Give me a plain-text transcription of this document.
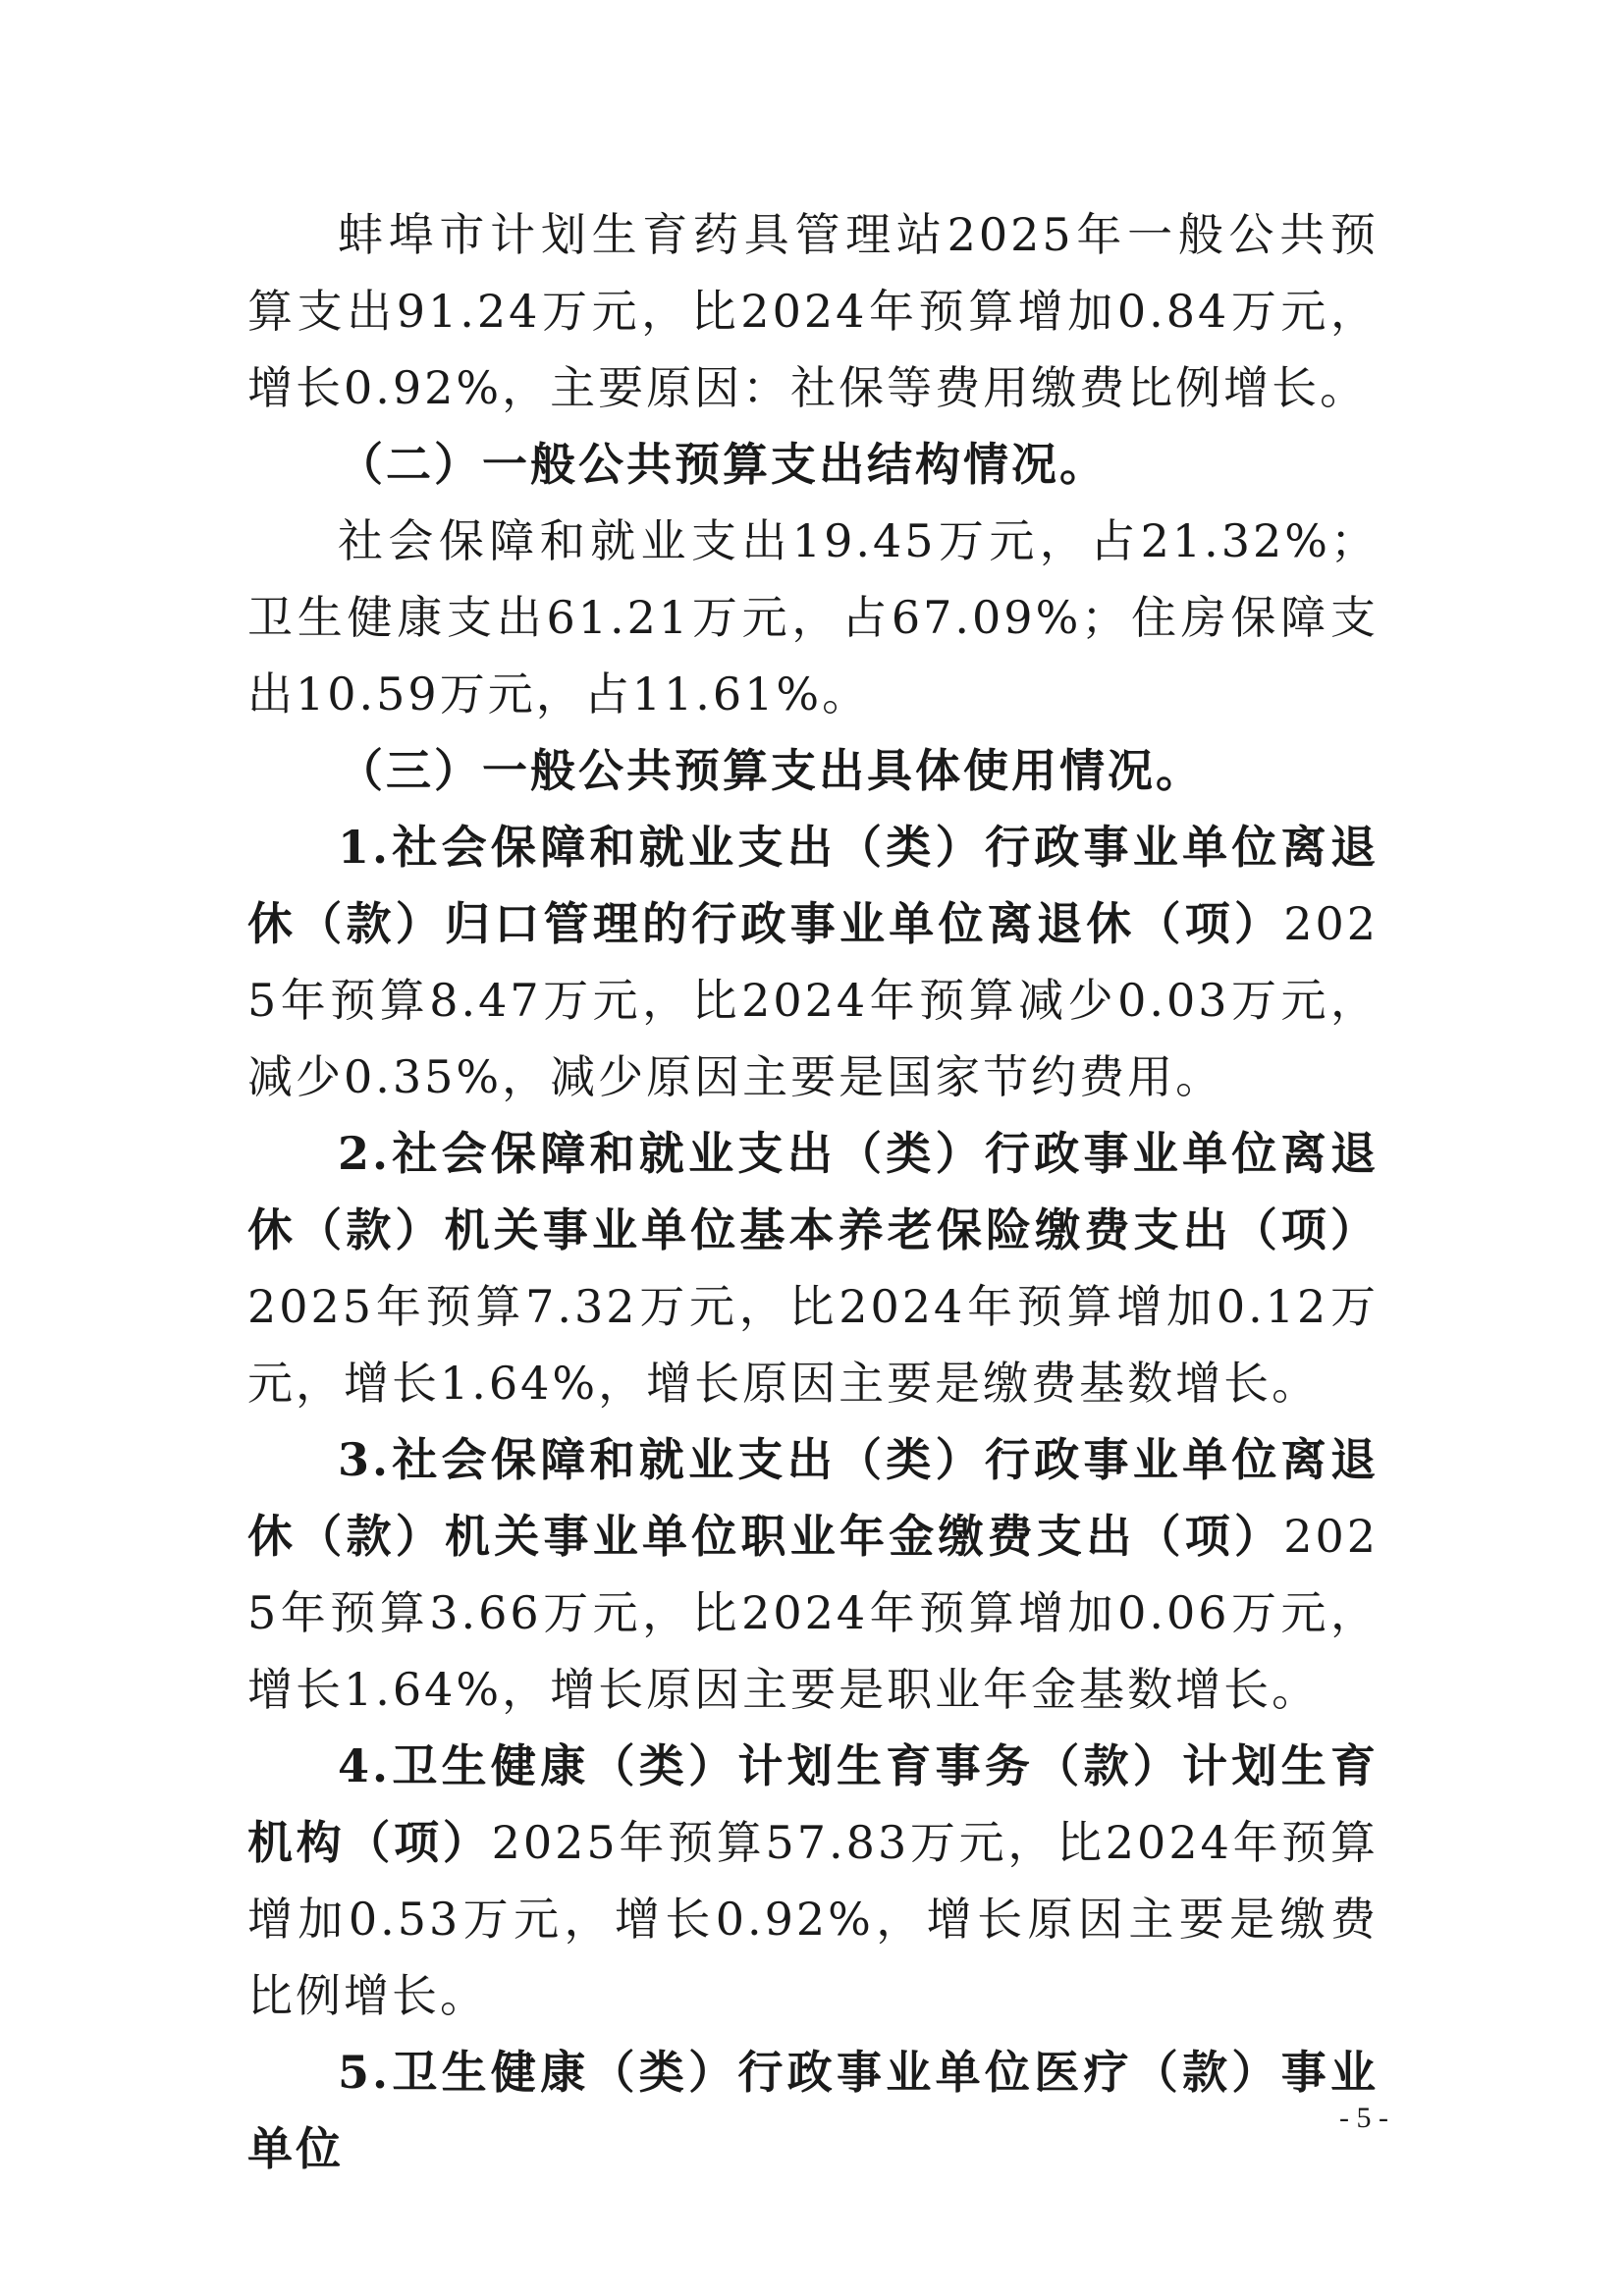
蚌埠市计划生育药具管理站2025年一般公共预算支出91.24万元，比2024年预算增加0.84万元，增长0.92%，主要原因：社保等费用缴费比例增长。

（二）一般公共预算支出结构情况。

社会保障和就业支出19.45万元，占21.32%；卫生健康支出61.21万元，占67.09%；住房保障支出10.59万元，占11.61%。

（三）一般公共预算支出具体使用情况。

1.社会保障和就业支出（类）行政事业单位离退休（款）归口管理的行政事业单位离退休（项）2025年预算8.47万元，比2024年预算减少0.03万元，减少0.35%，减少原因主要是国家节约费用。

2.社会保障和就业支出（类）行政事业单位离退休（款）机关事业单位基本养老保险缴费支出（项）2025年预算7.32万元，比2024年预算增加0.12万元，增长1.64%，增长原因主要是缴费基数增长。

3.社会保障和就业支出（类）行政事业单位离退休（款）机关事业单位职业年金缴费支出（项）2025年预算3.66万元，比2024年预算增加0.06万元，增长1.64%，增长原因主要是职业年金基数增长。

4.卫生健康（类）计划生育事务（款）计划生育机构（项）2025年预算57.83万元，比2024年预算增加0.53万元，增长0.92%，增长原因主要是缴费比例增长。

5.卫生健康（类）行政事业单位医疗（款）事业单位

- 5 -
